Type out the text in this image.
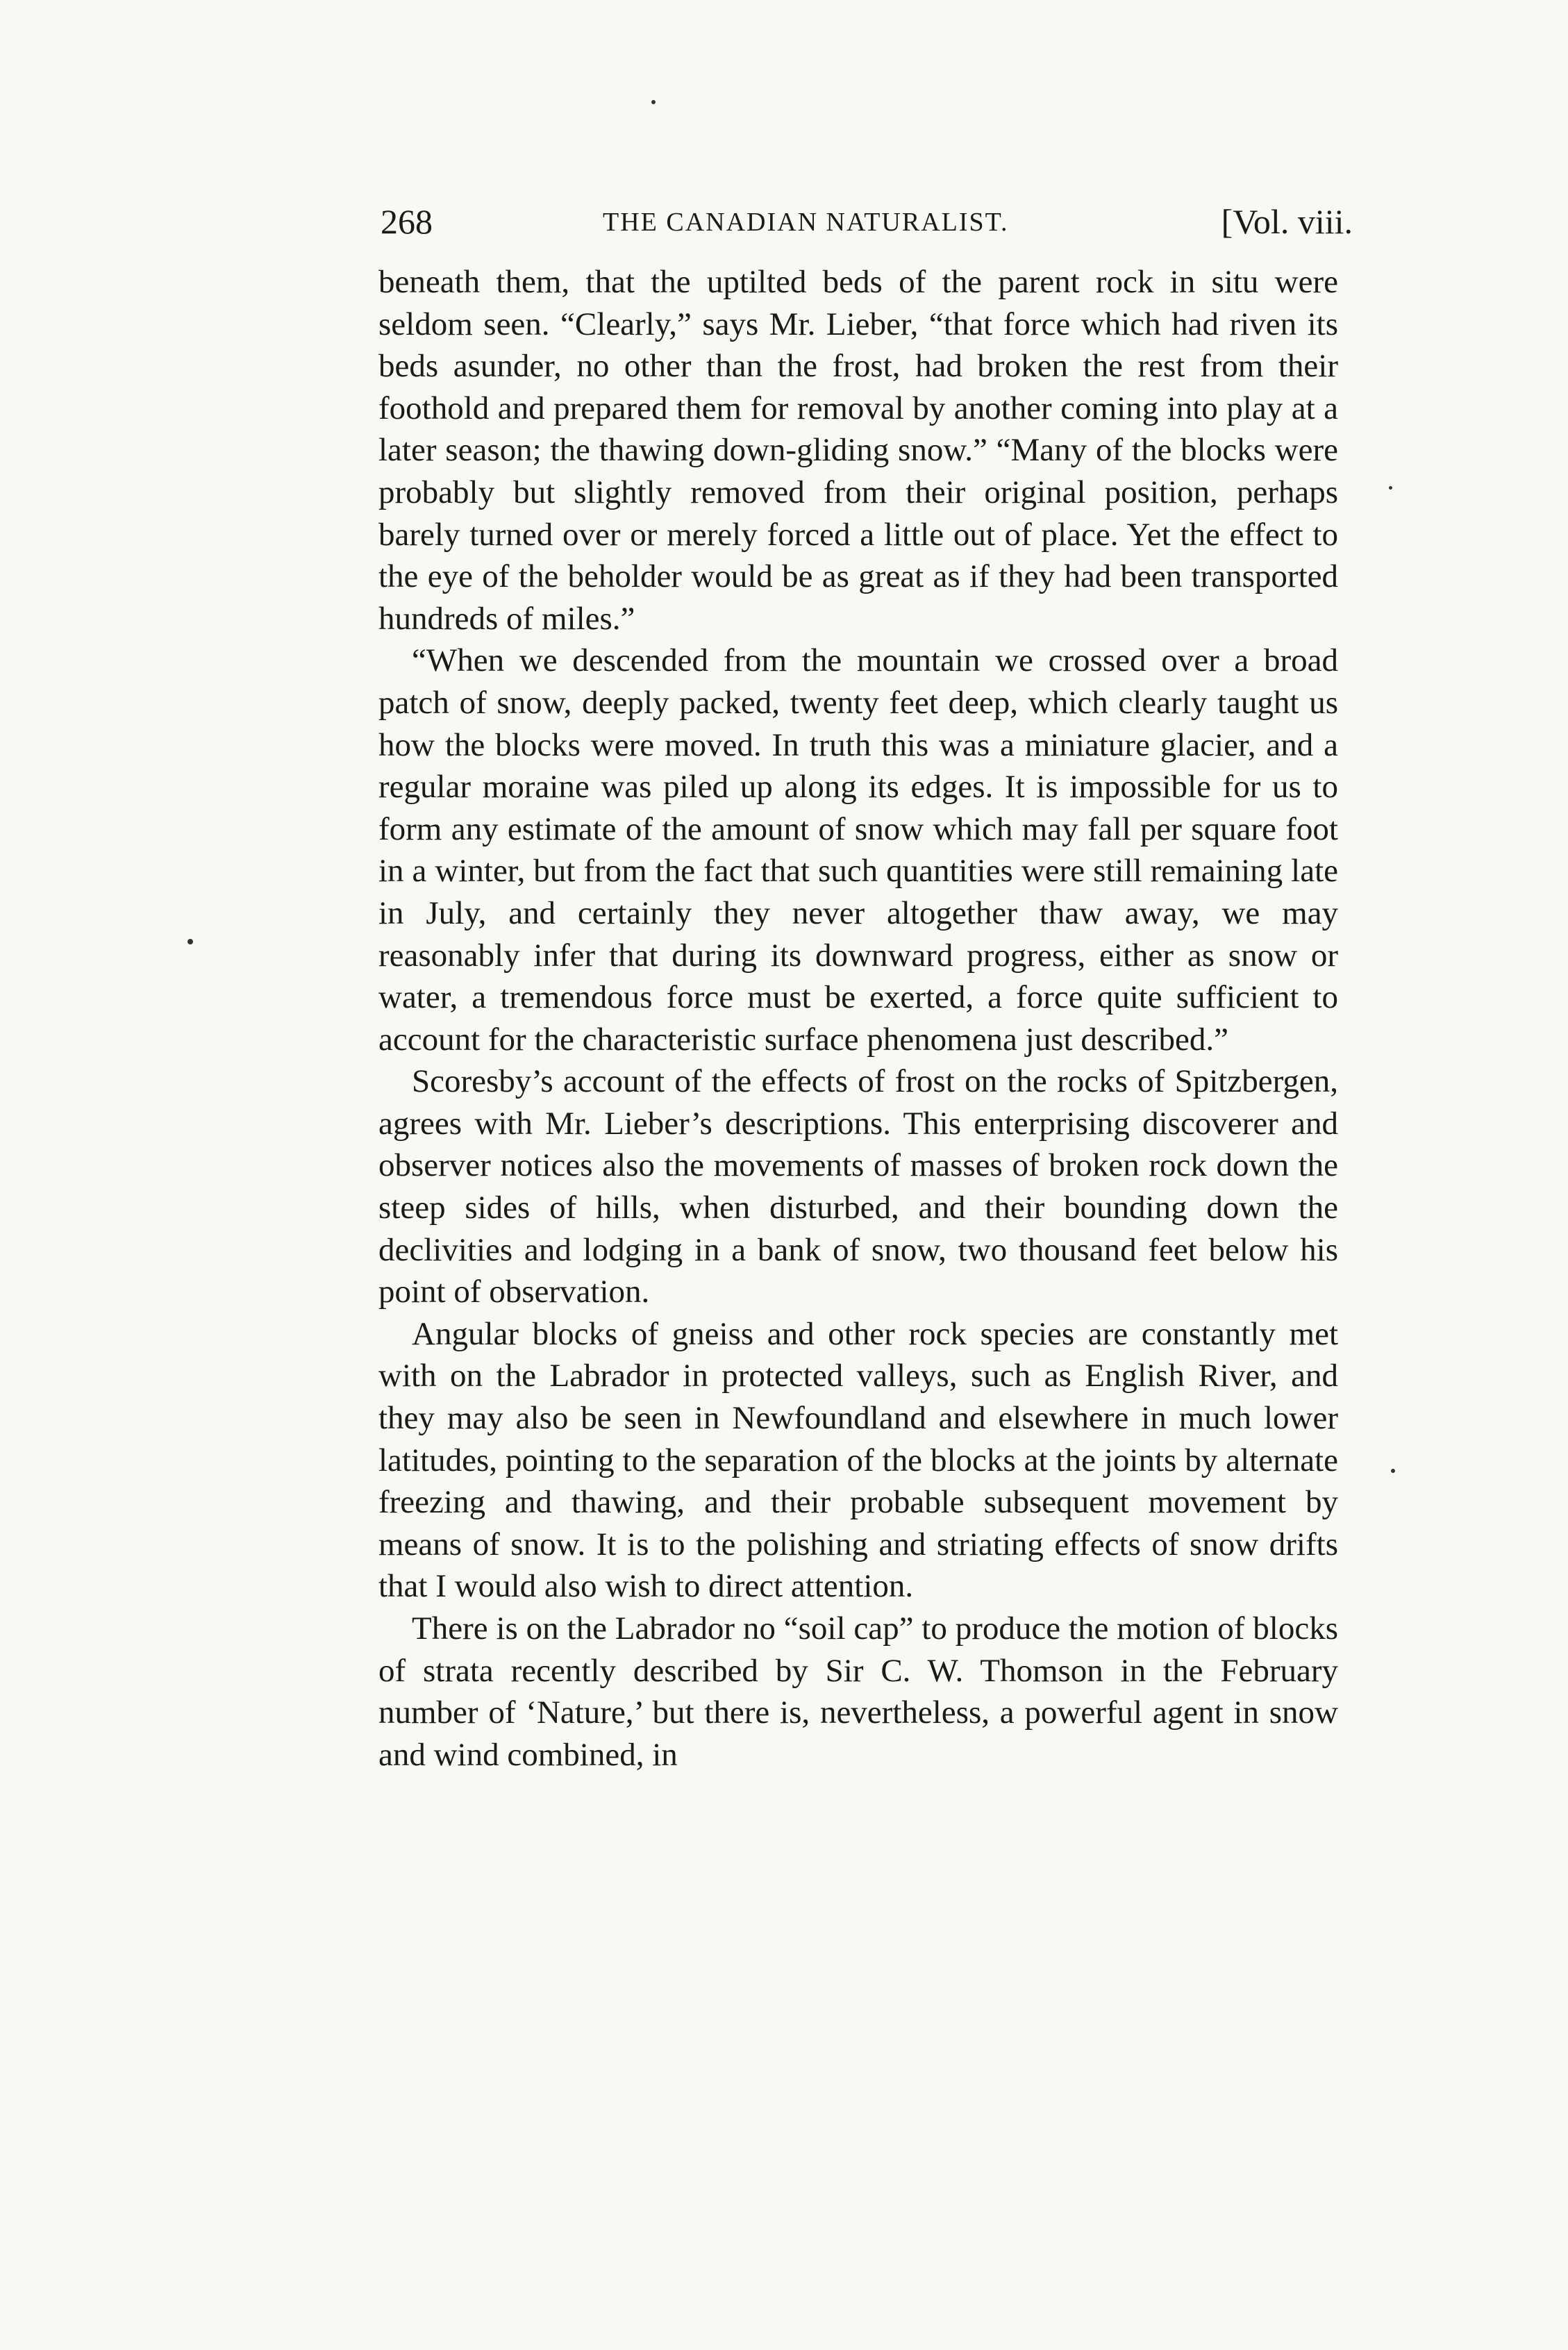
268	THE CANADIAN NATURALIST.	[Vol. viii.

beneath them, that the uptilted beds of the parent rock in situ were seldom seen. “Clearly,” says Mr. Lieber, “that force which had riven its beds asunder, no other than the frost, had broken the rest from their foothold and prepared them for removal by another coming into play at a later season; the thawing down-gliding snow.” “Many of the blocks were probably but slightly removed from their original position, perhaps barely turned over or merely forced a little out of place. Yet the effect to the eye of the beholder would be as great as if they had been transported hundreds of miles.”

“When we descended from the mountain we crossed over a broad patch of snow, deeply packed, twenty feet deep, which clearly taught us how the blocks were moved. In truth this was a miniature glacier, and a regular moraine was piled up along its edges. It is impossible for us to form any estimate of the amount of snow which may fall per square foot in a winter, but from the fact that such quantities were still remaining late in July, and certainly they never altogether thaw away, we may reasonably infer that during its downward progress, either as snow or water, a tremendous force must be exerted, a force quite sufficient to account for the characteristic surface phenomena just described.”

Scoresby’s account of the effects of frost on the rocks of Spitzbergen, agrees with Mr. Lieber’s descriptions. This enterprising discoverer and observer notices also the movements of masses of broken rock down the steep sides of hills, when disturbed, and their bounding down the declivities and lodging in a bank of snow, two thousand feet below his point of observation.

Angular blocks of gneiss and other rock species are constantly met with on the Labrador in protected valleys, such as English River, and they may also be seen in Newfoundland and elsewhere in much lower latitudes, pointing to the separation of the blocks at the joints by alternate freezing and thawing, and their probable subsequent movement by means of snow. It is to the polishing and striating effects of snow drifts that I would also wish to direct attention.

There is on the Labrador no “soil cap” to produce the motion of blocks of strata recently described by Sir C. W. Thomson in the February number of ‘Nature,’ but there is, nevertheless, a powerful agent in snow and wind combined, in
